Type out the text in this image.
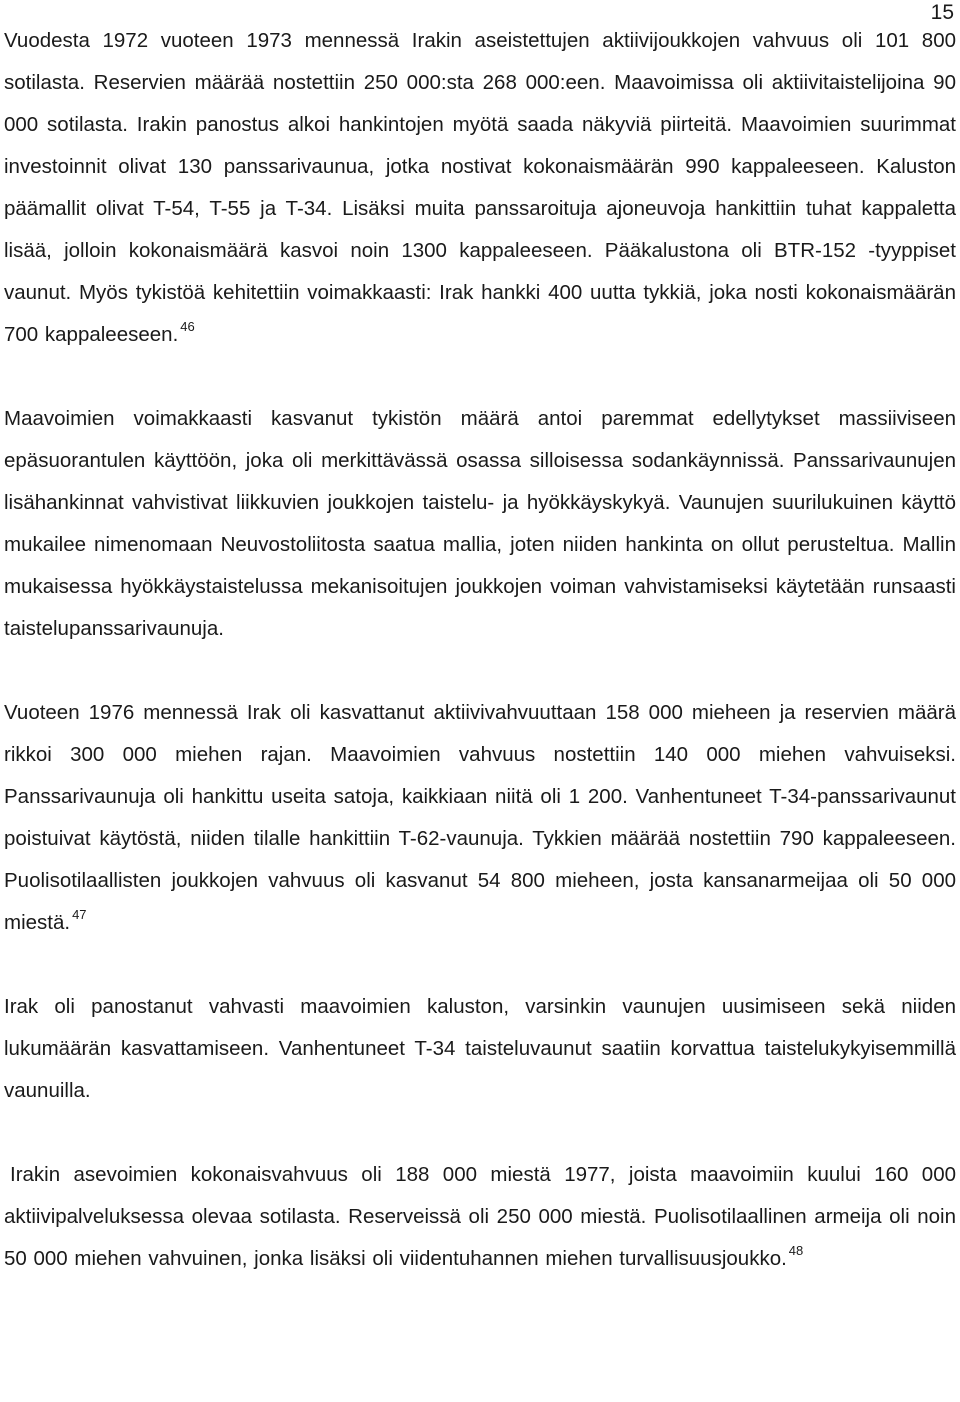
15

Vuodesta 1972 vuoteen 1973 mennessä Irakin aseistettujen aktiivijoukkojen vahvuus oli 101 800 sotilasta. Reservien määrää nostettiin 250 000:sta 268 000:een. Maavoimissa oli aktiivitaistelijoina 90 000 sotilasta. Irakin panostus alkoi hankintojen myötä saada näkyviä piirteitä. Maavoimien suurimmat investoinnit olivat 130 panssarivaunua, jotka nostivat kokonaismäärän 990 kappaleeseen. Kaluston päämallit olivat T-54, T-55 ja T-34. Lisäksi muita panssaroituja ajoneuvoja hankittiin tuhat kappaletta lisää, jolloin kokonaismäärä kasvoi noin 1300 kappaleeseen. Pääkalustona oli BTR-152 -tyyppiset vaunut. Myös tykistöä kehitettiin voimakkaasti: Irak hankki 400 uutta tykkiä, joka nosti kokonaismäärän 700 kappaleeseen. $^{46}$

Maavoimien voimakkaasti kasvanut tykistön määrä antoi paremmat edellytykset massiiviseen epäsuorantulen käyttöön, joka oli merkittävässä osassa silloisessa sodankäynnissä. Panssarivaunujen lisähankinnat vahvistivat liikkuvien joukkojen taistelu- ja hyökkäyskykyä. Vaunujen suurilukuinen käyttö mukailee nimenomaan Neuvostoliitosta saatua mallia, joten niiden hankinta on ollut perusteltua. Mallin mukaisessa hyökkäystaistelussa mekanisoitujen joukkojen voiman vahvistamiseksi käytetään runsaasti taistelupanssarivaunuja.

Vuoteen 1976 mennessä Irak oli kasvattanut aktiivivahvuuttaan 158 000 mieheen ja reservien määrä rikkoi 300 000 miehen rajan. Maavoimien vahvuus nostettiin 140 000 miehen vahvuiseksi. Panssarivaunuja oli hankittu useita satoja, kaikkiaan niitä oli 1 200. Vanhentuneet T-34-panssarivaunut poistuivat käytöstä, niiden tilalle hankittiin T-62-vaunuja. Tykkien määrää nostettiin 790 kappaleeseen. Puolisotilaallisten joukkojen vahvuus oli kasvanut 54 800 mieheen, josta kansanarmeijaa oli 50 000 miestä. $^{47}$

Irak oli panostanut vahvasti maavoimien kaluston, varsinkin vaunujen uusimiseen sekä niiden lukumäärän kasvattamiseen. Vanhentuneet T-34 taisteluvaunut saatiin korvattua taistelukykyisemmillä vaunuilla.

Irakin asevoimien kokonaisvahvuus oli 188 000 miestä 1977, joista maavoimiin kuului 160 000 aktiivipalveluksessa olevaa sotilasta. Reserveissä oli 250 000 miestä. Puolisotilaallinen armeija oli noin 50 000 miehen vahvuinen, jonka lisäksi oli viidentuhannen miehen turvallisuusjoukko. $^{48}$
